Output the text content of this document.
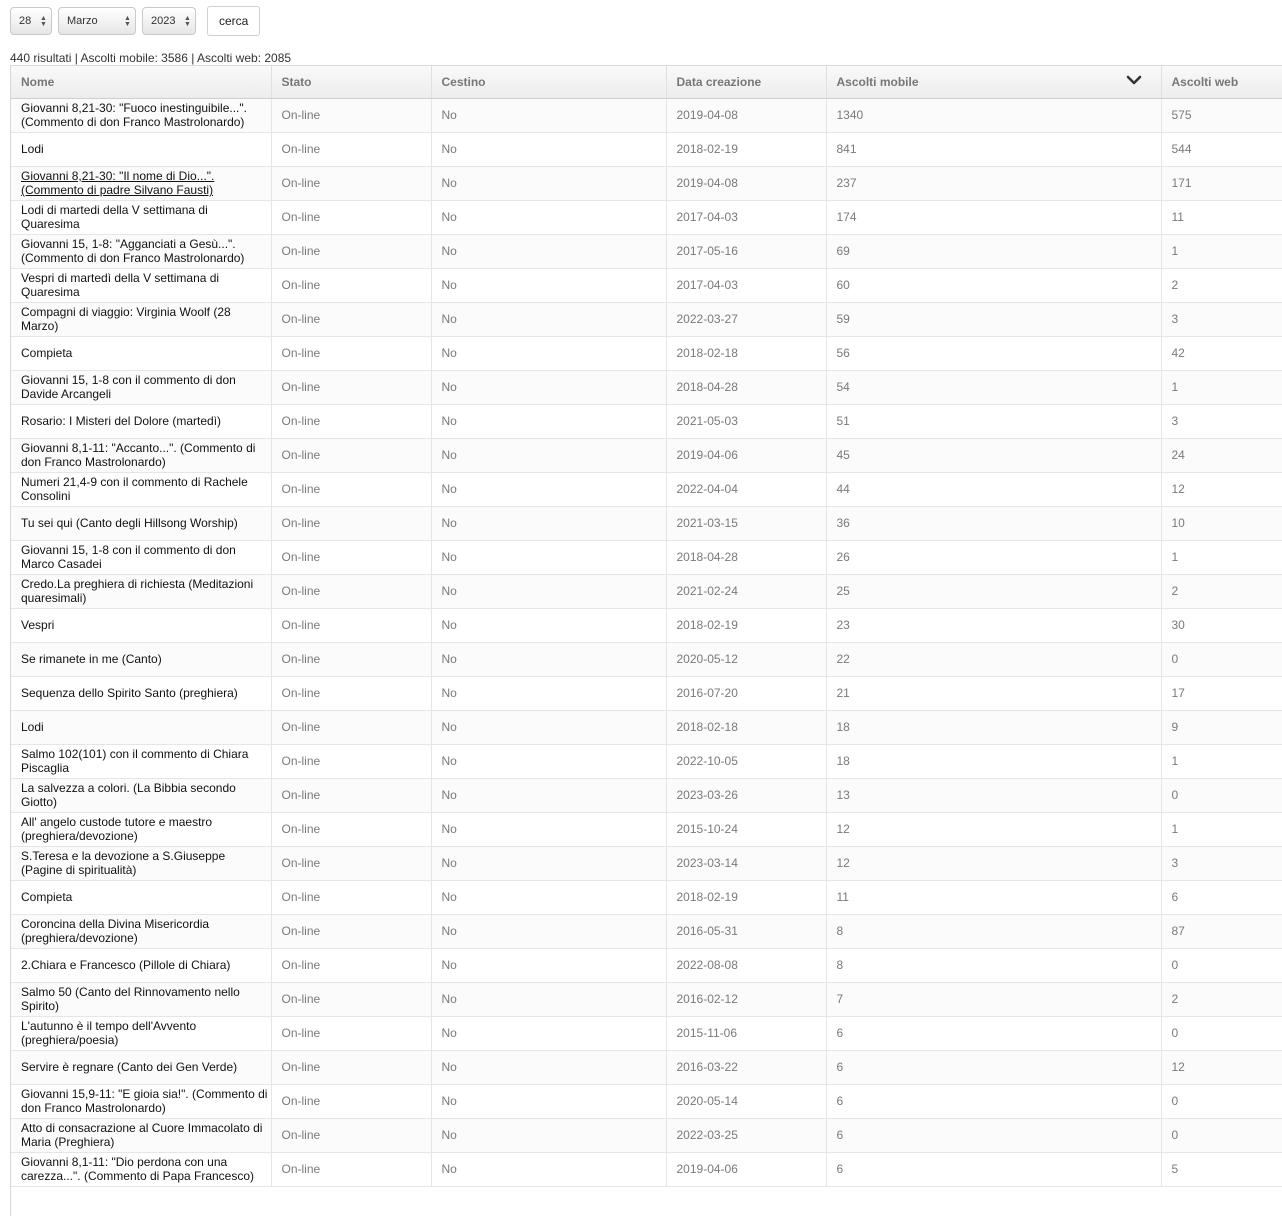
28 ▲
▼	Marzo	▲
▼	2023 ▲
▼	cerca
440 risultati | Ascolti mobile: 3586 | Ascolti web: 2085
Nome	Stato	Cestino	Data creazione	Ascolti mobile	Ascolti web
Giovanni 8,21-30: "Fuoco inestinguibile...". (Commento di don Franco Mastrolonardo)	On-line	No	2019-04-08	1340	575
Lodi	On-line	No	2018-02-19	841	544
Giovanni 8,21-30: "Il nome di Dio...". (Commento di padre Silvano Fausti)	On-line	No	2019-04-08	237	171
Lodi di martedi della V settimana di Quaresima	On-line	No	2017-04-03	174	11
Giovanni 15, 1-8: "Agganciati a Gesù...". (Commento di don Franco Mastrolonardo)	On-line	No	2017-05-16	69	1
Vespri di martedì della V settimana di Quaresima	On-line	No	2017-04-03	60	2
Compagni di viaggio: Virginia Woolf (28 Marzo)	On-line	No	2022-03-27	59	3
Compieta	On-line	No	2018-02-18	56	42
Giovanni 15, 1-8 con il commento di don Davide Arcangeli	On-line	No	2018-04-28	54	1
Rosario: I Misteri del Dolore (martedì)	On-line	No	2021-05-03	51	3
Giovanni 8,1-11: "Accanto...". (Commento di don Franco Mastrolonardo)	On-line	No	2019-04-06	45	24
Numeri 21,4-9 con il commento di Rachele Consolini	On-line	No	2022-04-04	44	12
Tu sei qui (Canto degli Hillsong Worship)	On-line	No	2021-03-15	36	10
Giovanni 15, 1-8 con il commento di don Marco Casadei	On-line	No	2018-04-28	26	1
Credo.La preghiera di richiesta (Meditazioni quaresimali)	On-line	No	2021-02-24	25	2
Vespri	On-line	No	2018-02-19	23	30
Se rimanete in me (Canto)	On-line	No	2020-05-12	22	0
Sequenza dello Spirito Santo (preghiera)	On-line	No	2016-07-20	21	17
Lodi	On-line	No	2018-02-18	18	9
Salmo 102(101) con il commento di Chiara Piscaglia	On-line	No	2022-10-05	18	1
La salvezza a colori. (La Bibbia secondo Giotto)	On-line	No	2023-03-26	13	0
All' angelo custode tutore e maestro (preghiera/devozione)	On-line	No	2015-10-24	12	1
S.Teresa e la devozione a S.Giuseppe (Pagine di spiritualità)	On-line	No	2023-03-14	12	3
Compieta	On-line	No	2018-02-19	11	6
Coroncina della Divina Misericordia (preghiera/devozione)	On-line	No	2016-05-31	8	87
2.Chiara e Francesco (Pillole di Chiara)	On-line	No	2022-08-08	8	0
Salmo 50 (Canto del Rinnovamento nello Spirito)	On-line	No	2016-02-12	7	2
L'autunno è il tempo dell'Avvento (preghiera/poesia)	On-line	No	2015-11-06	6	0
Servire è regnare (Canto dei Gen Verde)	On-line	No	2016-03-22	6	12
Giovanni 15,9-11: "E gioia sia!". (Commento di don Franco Mastrolonardo)	On-line	No	2020-05-14	6	0
Atto di consacrazione al Cuore Immacolato di Maria (Preghiera)	On-line	No	2022-03-25	6	0
Giovanni 8,1-11: "Dio perdona con una carezza...". (Commento di Papa Francesco)	On-line	No	2019-04-06	6	5
